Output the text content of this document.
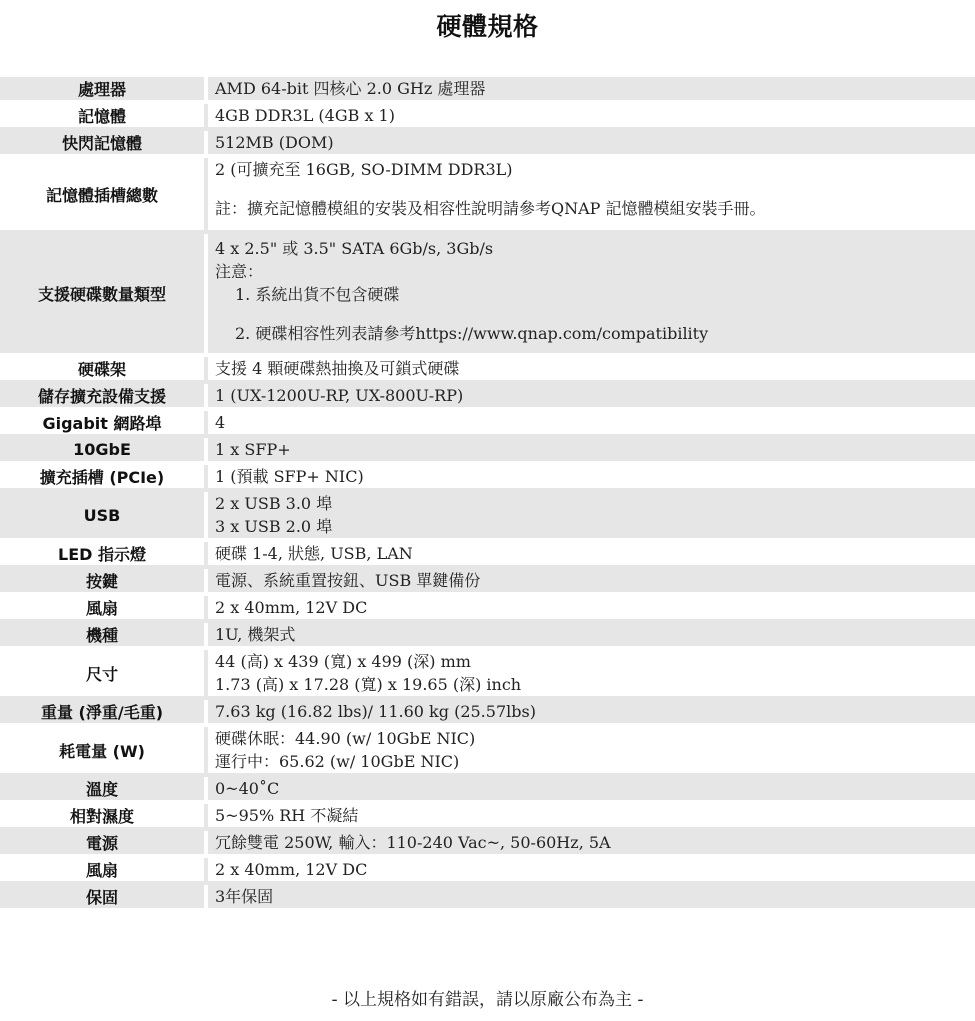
硬體規格
處理器	AMD 64-bit 四核心 2.0 GHz 處理器

記憶體	4GB DDR3L (4GB x 1)

快閃記憶體	512MB (DOM)

記憶體插槽總數	2 (可擴充至 16GB, SO-DIMM DDR3L)
註：擴充記憶體模組的安裝及相容性說明請參考QNAP 記憶體模組安裝手冊。

支援硬碟數量類型	4 x 2.5" 或 3.5" SATA 6Gb/s, 3Gb/s
注意：
1. 系統出貨不包含硬碟
2. 硬碟相容性列表請參考https://www.qnap.com/compatibility

硬碟架	支援 4 顆硬碟熱抽換及可鎖式硬碟

儲存擴充設備支援	1 (UX-1200U-RP, UX-800U-RP)

Gigabit 網路埠	4

10GbE	1 x SFP+

擴充插槽 (PCIe)	1 (預載 SFP+ NIC)

USB	2 x USB 3.0 埠
3 x USB 2.0 埠

LED 指示燈	硬碟 1-4, 狀態, USB, LAN

按鍵	電源、系統重置按鈕、USB 單鍵備份

風扇	2 x 40mm, 12V DC

機種	1U, 機架式

尺寸	44 (高) x 439 (寬) x 499 (深) mm
1.73 (高) x 17.28 (寬) x 19.65 (深) inch

重量 (淨重/毛重)	7.63 kg (16.82 lbs)/ 11.60 kg (25.57lbs)

耗電量 (W)	硬碟休眠：44.90 (w/ 10GbE NIC)
運行中：65.62 (w/ 10GbE NIC)

溫度	0~40˚C

相對濕度	5~95% RH 不凝結

電源	冗餘雙電 250W, 輸入：110-240 Vac~, 50-60Hz, 5A

風扇	2 x 40mm, 12V DC

保固	3年保固
- 以上規格如有錯誤，請以原廠公布為主 -
